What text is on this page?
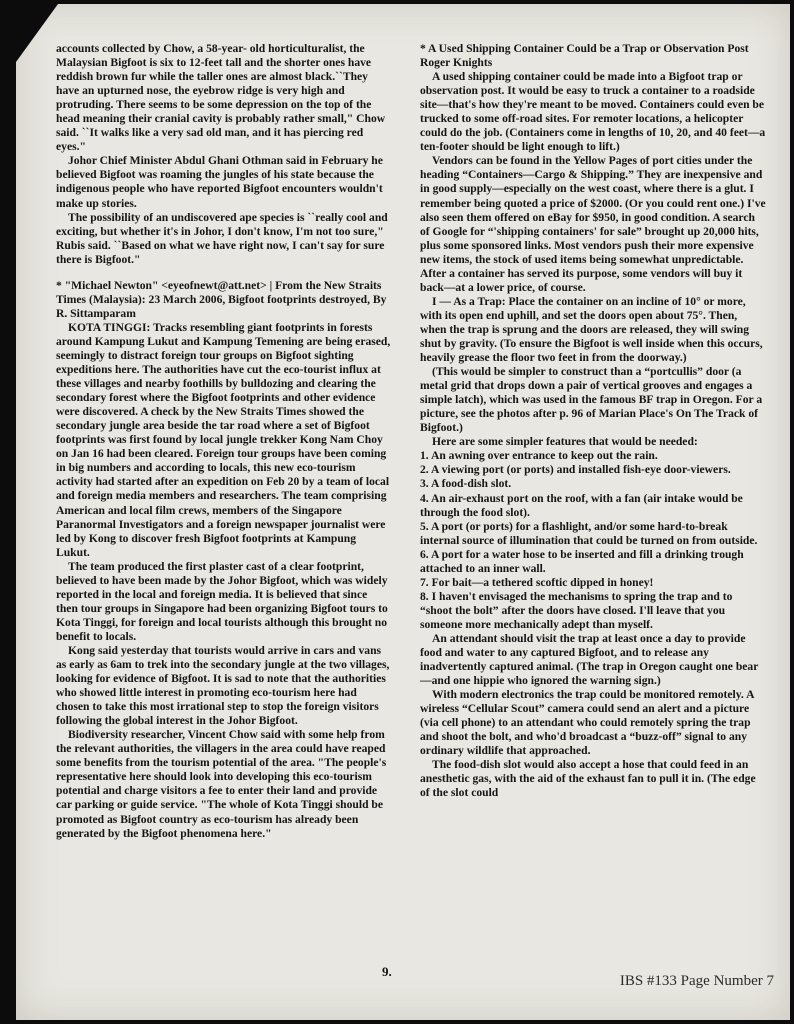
accounts collected by Chow, a 58-year- old horticulturalist, the Malaysian Bigfoot is six to 12-feet tall and the shorter ones have reddish brown fur while the taller ones are almost black.``They have an upturned nose, the eyebrow ridge is very high and protruding. There seems to be some depression on the top of the head meaning their cranial cavity is probably rather small," Chow said. ``It walks like a very sad old man, and it has piercing red eyes."

Johor Chief Minister Abdul Ghani Othman said in February he believed Bigfoot was roaming the jungles of his state because the indigenous people who have reported Bigfoot encounters wouldn't make up stories.

The possibility of an undiscovered ape species is ``really cool and exciting, but whether it's in Johor, I don't know, I'm not too sure," Rubis said. ``Based on what we have right now, I can't say for sure there is Bigfoot."

* "Michael Newton" <eyeofnewt@att.net> | From the New Straits Times (Malaysia): 23 March 2006, Bigfoot footprints destroyed, By R. Sittamparam

KOTA TINGGI: Tracks resembling giant footprints in forests around Kampung Lukut and Kampung Temening are being erased, seemingly to distract foreign tour groups on Bigfoot sighting expeditions here. The authorities have cut the eco-tourist influx at these villages and nearby foothills by bulldozing and clearing the secondary forest where the Bigfoot footprints and other evidence were discovered. A check by the New Straits Times showed the secondary jungle area beside the tar road where a set of Bigfoot footprints was first found by local jungle trekker Kong Nam Choy on Jan 16 had been cleared. Foreign tour groups have been coming in big numbers and according to locals, this new eco-tourism activity had started after an expedition on Feb 20 by a team of local and foreign media members and researchers. The team comprising American and local film crews, members of the Singapore Paranormal Investigators and a foreign newspaper journalist were led by Kong to discover fresh Bigfoot footprints at Kampung Lukut.

The team produced the first plaster cast of a clear footprint, believed to have been made by the Johor Bigfoot, which was widely reported in the local and foreign media. It is believed that since then tour groups in Singapore had been organizing Bigfoot tours to Kota Tinggi, for foreign and local tourists although this brought no benefit to locals.

Kong said yesterday that tourists would arrive in cars and vans as early as 6am to trek into the secondary jungle at the two villages, looking for evidence of Bigfoot. It is sad to note that the authorities who showed little interest in promoting eco-tourism here had chosen to take this most irrational step to stop the foreign visitors following the global interest in the Johor Bigfoot.

Biodiversity researcher, Vincent Chow said with some help from the relevant authorities, the villagers in the area could have reaped some benefits from the tourism potential of the area. "The people's representative here should look into developing this eco-tourism potential and charge visitors a fee to enter their land and provide car parking or guide service. "The whole of Kota Tinggi should be promoted as Bigfoot country as eco-tourism has already been generated by the Bigfoot phenomena here."

* A Used Shipping Container Could be a Trap or Observation Post Roger Knights

A used shipping container could be made into a Bigfoot trap or observation post. It would be easy to truck a container to a roadside site—that's how they're meant to be moved. Containers could even be trucked to some off-road sites. For remoter locations, a helicopter could do the job. (Containers come in lengths of 10, 20, and 40 feet—a ten-footer should be light enough to lift.)

Vendors can be found in the Yellow Pages of port cities under the heading “Containers—Cargo & Shipping.” They are inexpensive and in good supply—especially on the west coast, where there is a glut. I remember being quoted a price of $2000. (Or you could rent one.) I've also seen them offered on eBay for $950, in good condition. A search of Google for “'shipping containers' for sale” brought up 20,000 hits, plus some sponsored links. Most vendors push their more expensive new items, the stock of used items being somewhat unpredictable. After a container has served its purpose, some vendors will buy it back—at a lower price, of course.

I — As a Trap: Place the container on an incline of 10° or more, with its open end uphill, and set the doors open about 75°. Then, when the trap is sprung and the doors are released, they will swing shut by gravity. (To ensure the Bigfoot is well inside when this occurs, heavily grease the floor two feet in from the doorway.)

(This would be simpler to construct than a “portcullis” door (a metal grid that drops down a pair of vertical grooves and engages a simple latch), which was used in the famous BF trap in Oregon. For a picture, see the photos after p. 96 of Marian Place's On The Track of Bigfoot.)

Here are some simpler features that would be needed:

1. An awning over entrance to keep out the rain.
2. A viewing port (or ports) and installed fish-eye door-viewers.
3. A food-dish slot.
4. An air-exhaust port on the roof, with a fan (air intake would be through the food slot).
5. A port (or ports) for a flashlight, and/or some hard-to-break internal source of illumination that could be turned on from outside.
6. A port for a water hose to be inserted and fill a drinking trough attached to an inner wall.
7. For bait—a tethered scoftic dipped in honey!
8. I haven't envisaged the mechanisms to spring the trap and to “shoot the bolt” after the doors have closed. I'll leave that you someone more mechanically adept than myself.

An attendant should visit the trap at least once a day to provide food and water to any captured Bigfoot, and to release any inadvertently captured animal. (The trap in Oregon caught one bear—and one hippie who ignored the warning sign.)

With modern electronics the trap could be monitored remotely. A wireless “Cellular Scout” camera could send an alert and a picture (via cell phone) to an attendant who could remotely spring the trap and shoot the bolt, and who'd broadcast a “buzz-off” signal to any ordinary wildlife that approached.

The food-dish slot would also accept a hose that could feed in an anesthetic gas, with the aid of the exhaust fan to pull it in. (The edge of the slot could

9.
IBS #133 Page Number 7
